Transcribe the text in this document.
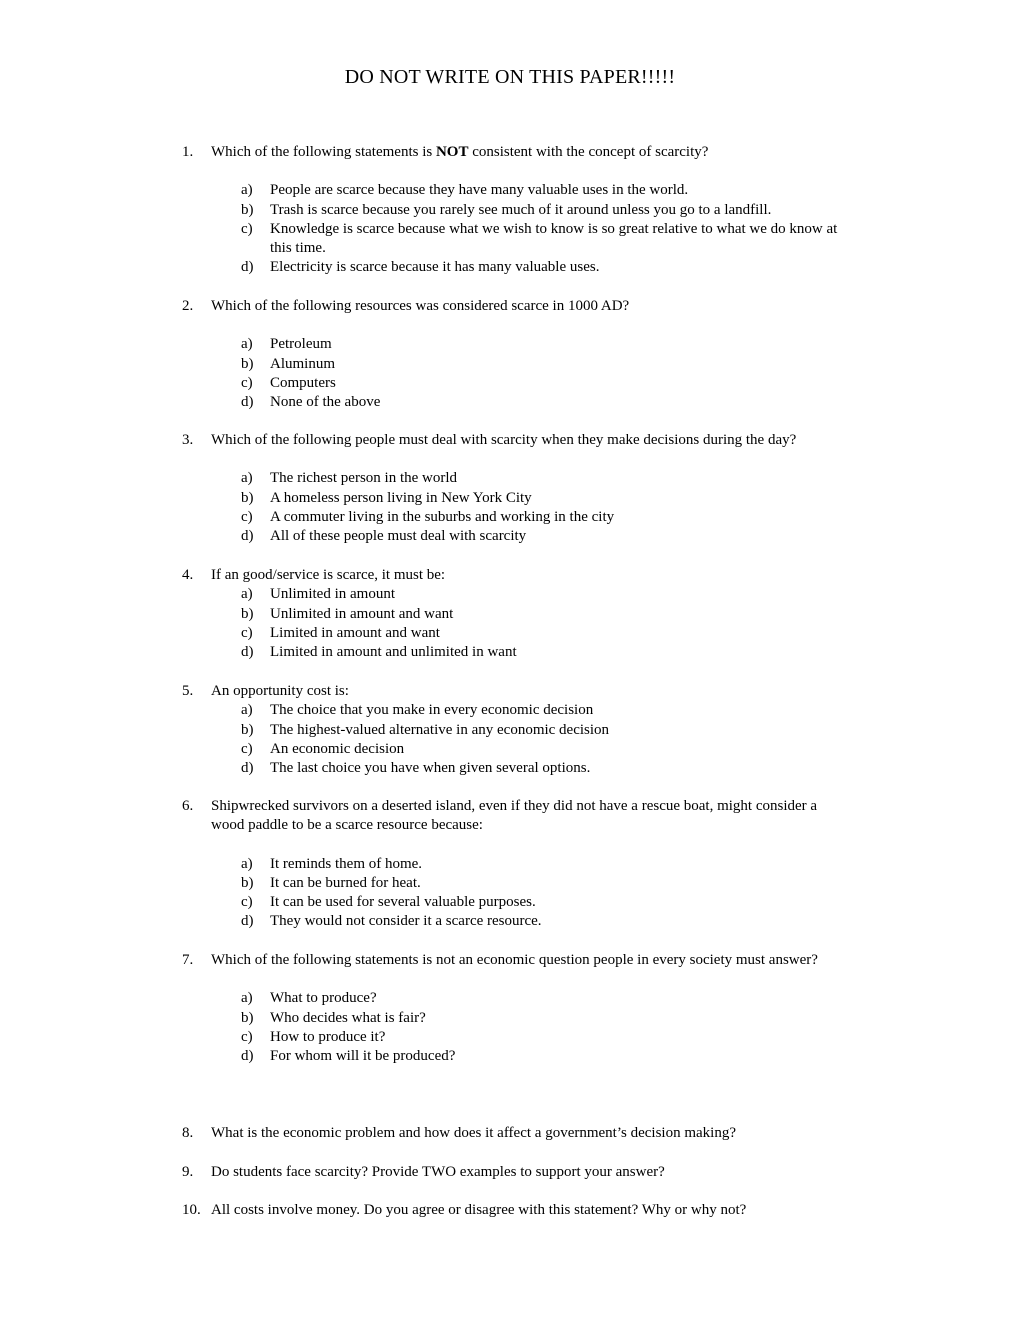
DO NOT WRITE ON THIS PAPER!!!!!
1. Which of the following statements is NOT consistent with the concept of scarcity?
a) People are scarce because they have many valuable uses in the world.
b) Trash is scarce because you rarely see much of it around unless you go to a landfill.
c) Knowledge is scarce because what we wish to know is so great relative to what we do know at this time.
d) Electricity is scarce because it has many valuable uses.
2. Which of the following resources was considered scarce in 1000 AD?
a) Petroleum
b) Aluminum
c) Computers
d) None of the above
3. Which of the following people must deal with scarcity when they make decisions during the day?
a) The richest person in the world
b) A homeless person living in New York City
c) A commuter living in the suburbs and working in the city
d) All of these people must deal with scarcity
4. If an good/service is scarce, it must be:
a) Unlimited in amount
b) Unlimited in amount and want
c) Limited in amount and want
d) Limited in amount and unlimited in want
5. An opportunity cost is:
a) The choice that you make in every economic decision
b) The highest-valued alternative in any economic decision
c) An economic decision
d) The last choice you have when given several options.
6. Shipwrecked survivors on a deserted island, even if they did not have a rescue boat, might consider a wood paddle to be a scarce resource because:
a) It reminds them of home.
b) It can be burned for heat.
c) It can be used for several valuable purposes.
d) They would not consider it a scarce resource.
7. Which of the following statements is not an economic question people in every society must answer?
a) What to produce?
b) Who decides what is fair?
c) How to produce it?
d) For whom will it be produced?
8. What is the economic problem and how does it affect a government’s decision making?
9. Do students face scarcity? Provide TWO examples to support your answer?
10. All costs involve money. Do you agree or disagree with this statement? Why or why not?
